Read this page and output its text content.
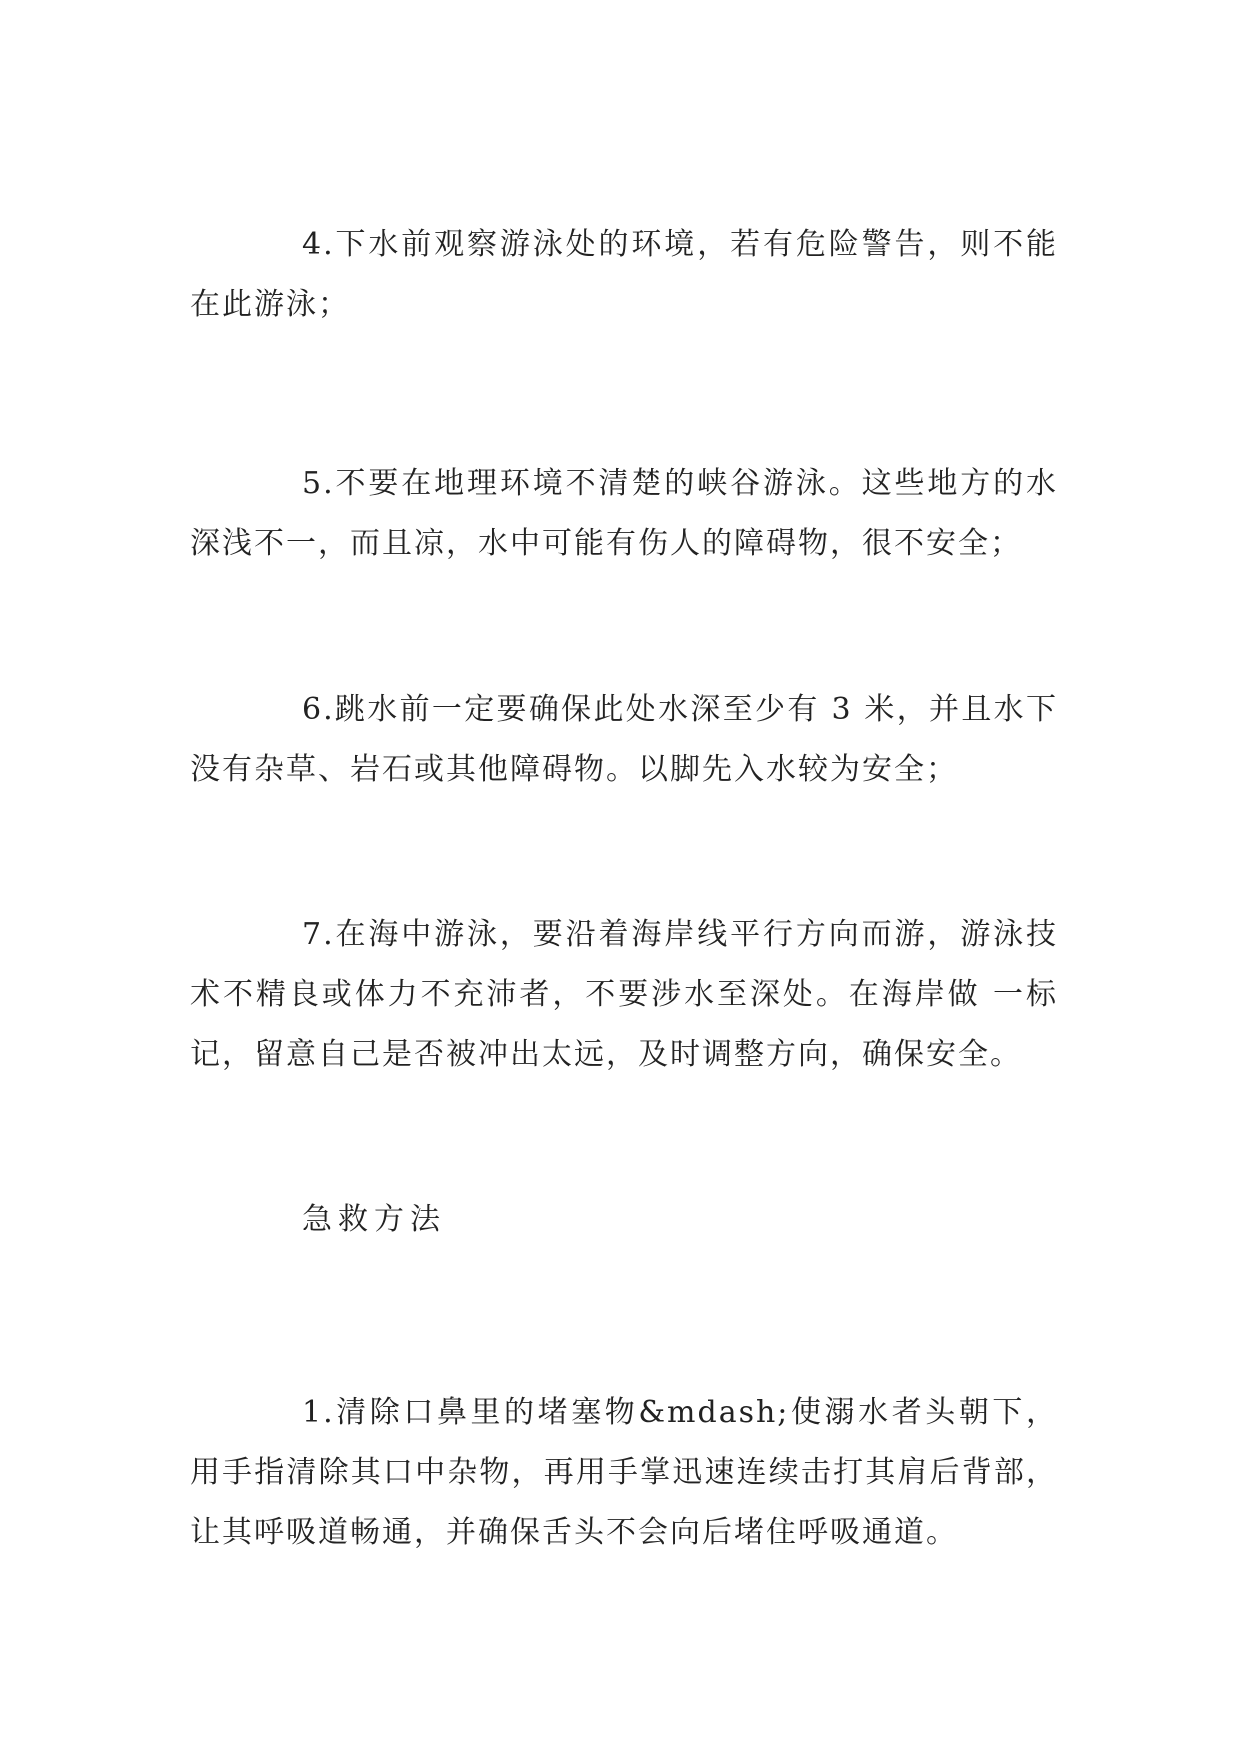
4.下水前观察游泳处的环境，若有危险警告，则不能在此游泳；

5.不要在地理环境不清楚的峡谷游泳。这些地方的水深浅不一，而且凉，水中可能有伤人的障碍物，很不安全；

6.跳水前一定要确保此处水深至少有 3 米，并且水下没有杂草、岩石或其他障碍物。以脚先入水较为安全；

7.在海中游泳，要沿着海岸线平行方向而游，游泳技术不精良或体力不充沛者，不要涉水至深处。在海岸做 一标记，留意自己是否被冲出太远，及时调整方向，确保安全。

急救方法

1.清除口鼻里的堵塞物&mdash;使溺水者头朝下，用手指清除其口中杂物，再用手掌迅速连续击打其肩后背部，让其呼吸道畅通，并确保舌头不会向后堵住呼吸通道。
